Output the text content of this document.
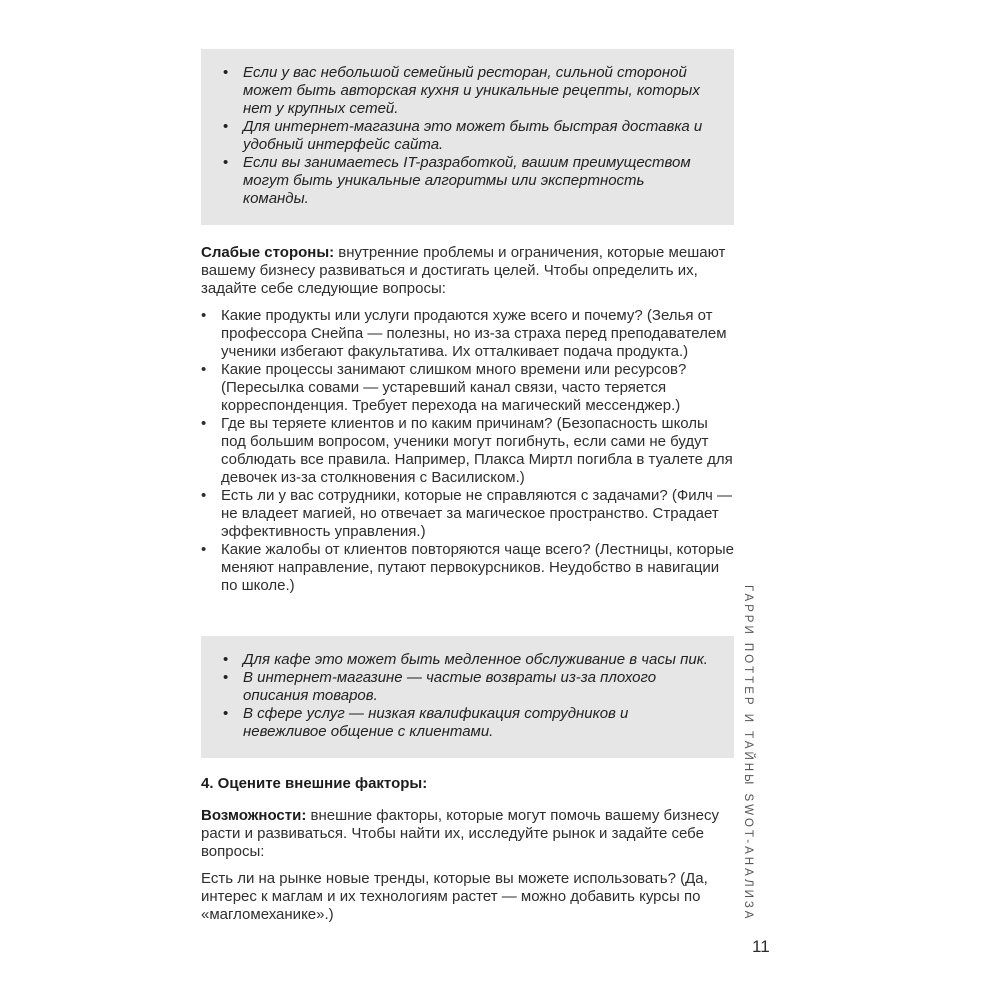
• Если у вас небольшой семейный ресторан, сильной стороной может быть авторская кухня и уникальные рецепты, которых нет у крупных сетей.
• Для интернет-магазина это может быть быстрая доставка и удобный интерфейс сайта.
• Если вы занимаетесь IT-разработкой, вашим преимуществом могут быть уникальные алгоритмы или экспертность команды.

Слабые стороны: внутренние проблемы и ограничения, которые мешают вашему бизнесу развиваться и достигать целей. Чтобы определить их, задайте себе следующие вопросы:

• Какие продукты или услуги продаются хуже всего и почему? (Зелья от профессора Снейпа — полезны, но из-за страха перед преподавателем ученики избегают факультатива. Их отталкивает подача продукта.)
• Какие процессы занимают слишком много времени или ресурсов? (Пересылка совами — устаревший канал связи, часто теряется корреспонденция. Требует перехода на магический мессенджер.)
• Где вы теряете клиентов и по каким причинам? (Безопасность школы под большим вопросом, ученики могут погибнуть, если сами не будут соблюдать все правила. Например, Плакса Миртл погибла в туалете для девочек из-за столкновения с Василиском.)
• Есть ли у вас сотрудники, которые не справляются с задачами? (Филч — не владеет магией, но отвечает за магическое пространство. Страдает эффективность управления.)
• Какие жалобы от клиентов повторяются чаще всего? (Лестницы, которые меняют направление, путают первокурсников. Неудобство в навигации по школе.)
• Для кафе это может быть медленное обслуживание в часы пик.
• В интернет-магазине — частые возвраты из-за плохого описания товаров.
• В сфере услуг — низкая квалификация сотрудников и невежливое общение с клиентами.
4. Оцените внешние факторы:

Возможности: внешние факторы, которые могут помочь вашему бизнесу расти и развиваться. Чтобы найти их, исследуйте рынок и задайте себе вопросы:

Есть ли на рынке новые тренды, которые вы можете использовать? (Да, интерес к маглам и их технологиям растет — можно добавить курсы по «магломеханике».)	ГАРРИ ПОТТЕР И ТАЙНЫ SWOT-АНАЛИЗА
11
